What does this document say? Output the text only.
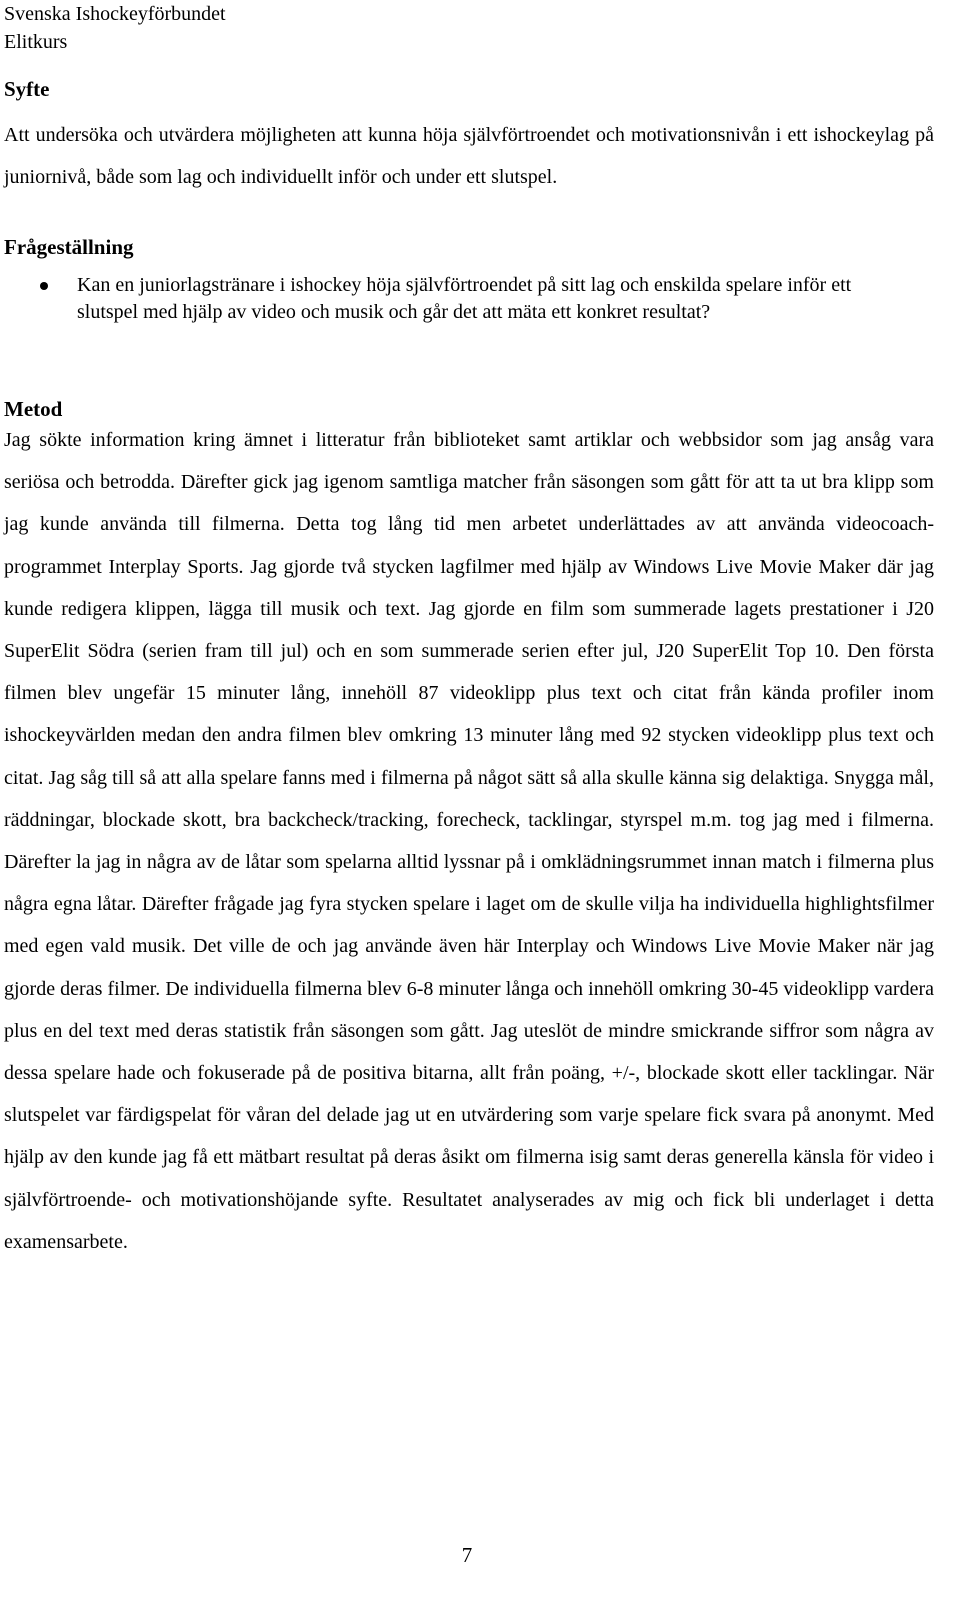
Svenska Ishockeyförbundet
Elitkurs
Syfte
Att undersöka och utvärdera möjligheten att kunna höja självförtroendet och motivationsnivån i ett ishockeylag på juniornivå, både som lag och individuellt inför och under ett slutspel.
Frågeställning
Kan en juniorlagstränare i ishockey höja självförtroendet på sitt lag och enskilda spelare inför ett slutspel med hjälp av video och musik och går det att mäta ett konkret resultat?
Metod
Jag sökte information kring ämnet i litteratur från biblioteket samt artiklar och webbsidor som jag ansåg vara seriösa och betrodda. Därefter gick jag igenom samtliga matcher från säsongen som gått för att ta ut bra klipp som jag kunde använda till filmerna. Detta tog lång tid men arbetet underlättades av att använda videocoach-programmet Interplay Sports. Jag gjorde två stycken lagfilmer med hjälp av Windows Live Movie Maker där jag kunde redigera klippen, lägga till musik och text. Jag gjorde en film som summerade lagets prestationer i J20 SuperElit Södra (serien fram till jul) och en som summerade serien efter jul, J20 SuperElit Top 10. Den första filmen blev ungefär 15 minuter lång, innehöll 87 videoklipp plus text och citat från kända profiler inom ishockeyvärlden medan den andra filmen blev omkring 13 minuter lång med 92 stycken videoklipp plus text och citat. Jag såg till så att alla spelare fanns med i filmerna på något sätt så alla skulle känna sig delaktiga. Snygga mål, räddningar, blockade skott, bra backcheck/tracking, forecheck, tacklingar, styrspel m.m. tog jag med i filmerna. Därefter la jag in några av de låtar som spelarna alltid lyssnar på i omklädningsrummet innan match i filmerna plus några egna låtar. Därefter frågade jag fyra stycken spelare i laget om de skulle vilja ha individuella highlightsfilmer med egen vald musik. Det ville de och jag använde även här Interplay och Windows Live Movie Maker när jag gjorde deras filmer. De individuella filmerna blev 6-8 minuter långa och innehöll omkring 30-45 videoklipp vardera plus en del text med deras statistik från säsongen som gått. Jag uteslöt de mindre smickrande siffror som några av dessa spelare hade och fokuserade på de positiva bitarna, allt från poäng, +/-, blockade skott eller tacklingar. När slutspelet var färdigspelat för våran del delade jag ut en utvärdering som varje spelare fick svara på anonymt. Med hjälp av den kunde jag få ett mätbart resultat på deras åsikt om filmerna isig samt deras generella känsla för video i självförtroende- och motivationshöjande syfte. Resultatet analyserades av mig och fick bli underlaget i detta examensarbete.
7
